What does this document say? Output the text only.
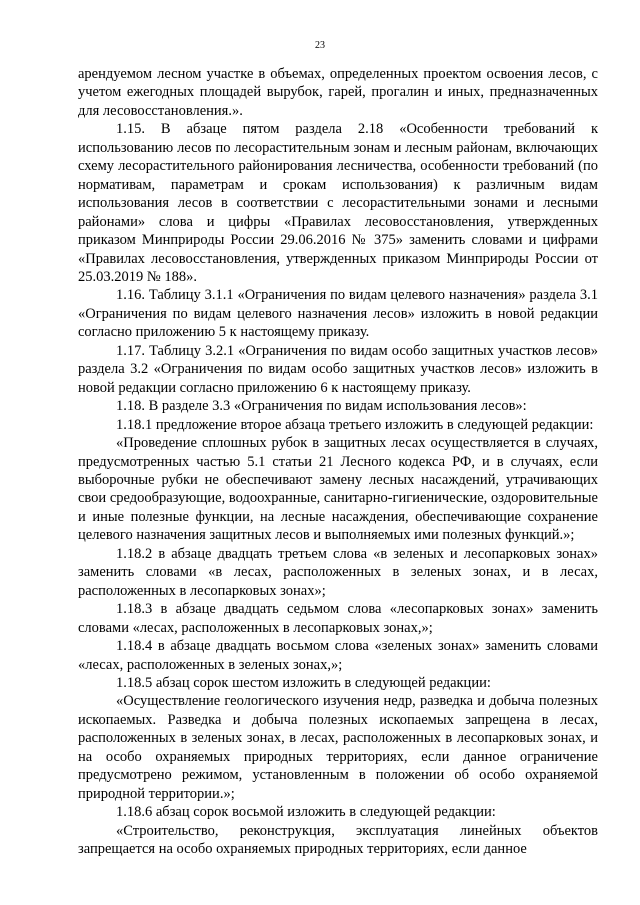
23

арендуемом лесном участке в объемах, определенных проектом освоения лесов, с учетом ежегодных площадей вырубок, гарей, прогалин и иных, предназначенных для лесовосстановления.».

1.15. В абзаце пятом раздела 2.18 «Особенности требований к использованию лесов по лесорастительным зонам и лесным районам, включающих схему лесорастительного районирования лесничества, особенности требований (по нормативам, параметрам и срокам использования) к различным видам использования лесов в соответствии с лесорастительными зонами и лесными районами» слова и цифры «Правилах лесовосстановления, утвержденных приказом Минприроды России 29.06.2016 № 375» заменить словами и цифрами «Правилах лесовосстановления, утвержденных приказом Минприроды России от 25.03.2019 № 188».

1.16. Таблицу 3.1.1 «Ограничения по видам целевого назначения» раздела 3.1 «Ограничения по видам целевого назначения лесов» изложить в новой редакции согласно приложению 5 к настоящему приказу.

1.17. Таблицу 3.2.1 «Ограничения по видам особо защитных участков лесов» раздела 3.2 «Ограничения по видам особо защитных участков лесов» изложить в новой редакции согласно приложению 6 к настоящему приказу.

1.18. В разделе 3.3 «Ограничения по видам использования лесов»:

1.18.1 предложение второе абзаца третьего изложить в следующей редакции:

«Проведение сплошных рубок в защитных лесах осуществляется в случаях, предусмотренных частью 5.1 статьи 21 Лесного кодекса РФ, и в случаях, если выборочные рубки не обеспечивают замену лесных насаждений, утрачивающих свои средообразующие, водоохранные, санитарно-гигиенические, оздоровительные и иные полезные функции, на лесные насаждения, обеспечивающие сохранение целевого назначения защитных лесов и выполняемых ими полезных функций.»;

1.18.2 в абзаце двадцать третьем слова «в зеленых и лесопарковых зонах» заменить словами «в лесах, расположенных в зеленых зонах, и в лесах, расположенных в лесопарковых зонах»;

1.18.3 в абзаце двадцать седьмом слова «лесопарковых зонах» заменить словами «лесах, расположенных в лесопарковых зонах,»;

1.18.4 в абзаце двадцать восьмом слова «зеленых зонах» заменить словами «лесах, расположенных в зеленых зонах,»;

1.18.5 абзац сорок шестом изложить в следующей редакции:

«Осуществление геологического изучения недр, разведка и добыча полезных ископаемых. Разведка и добыча полезных ископаемых запрещена в лесах, расположенных в зеленых зонах, в лесах, расположенных в лесопарковых зонах, и на особо охраняемых природных территориях, если данное ограничение предусмотрено режимом, установленным в положении об особо охраняемой природной территории.»;

1.18.6 абзац сорок восьмой изложить в следующей редакции:

«Строительство, реконструкция, эксплуатация линейных объектов запрещается на особо охраняемых природных территориях, если данное
